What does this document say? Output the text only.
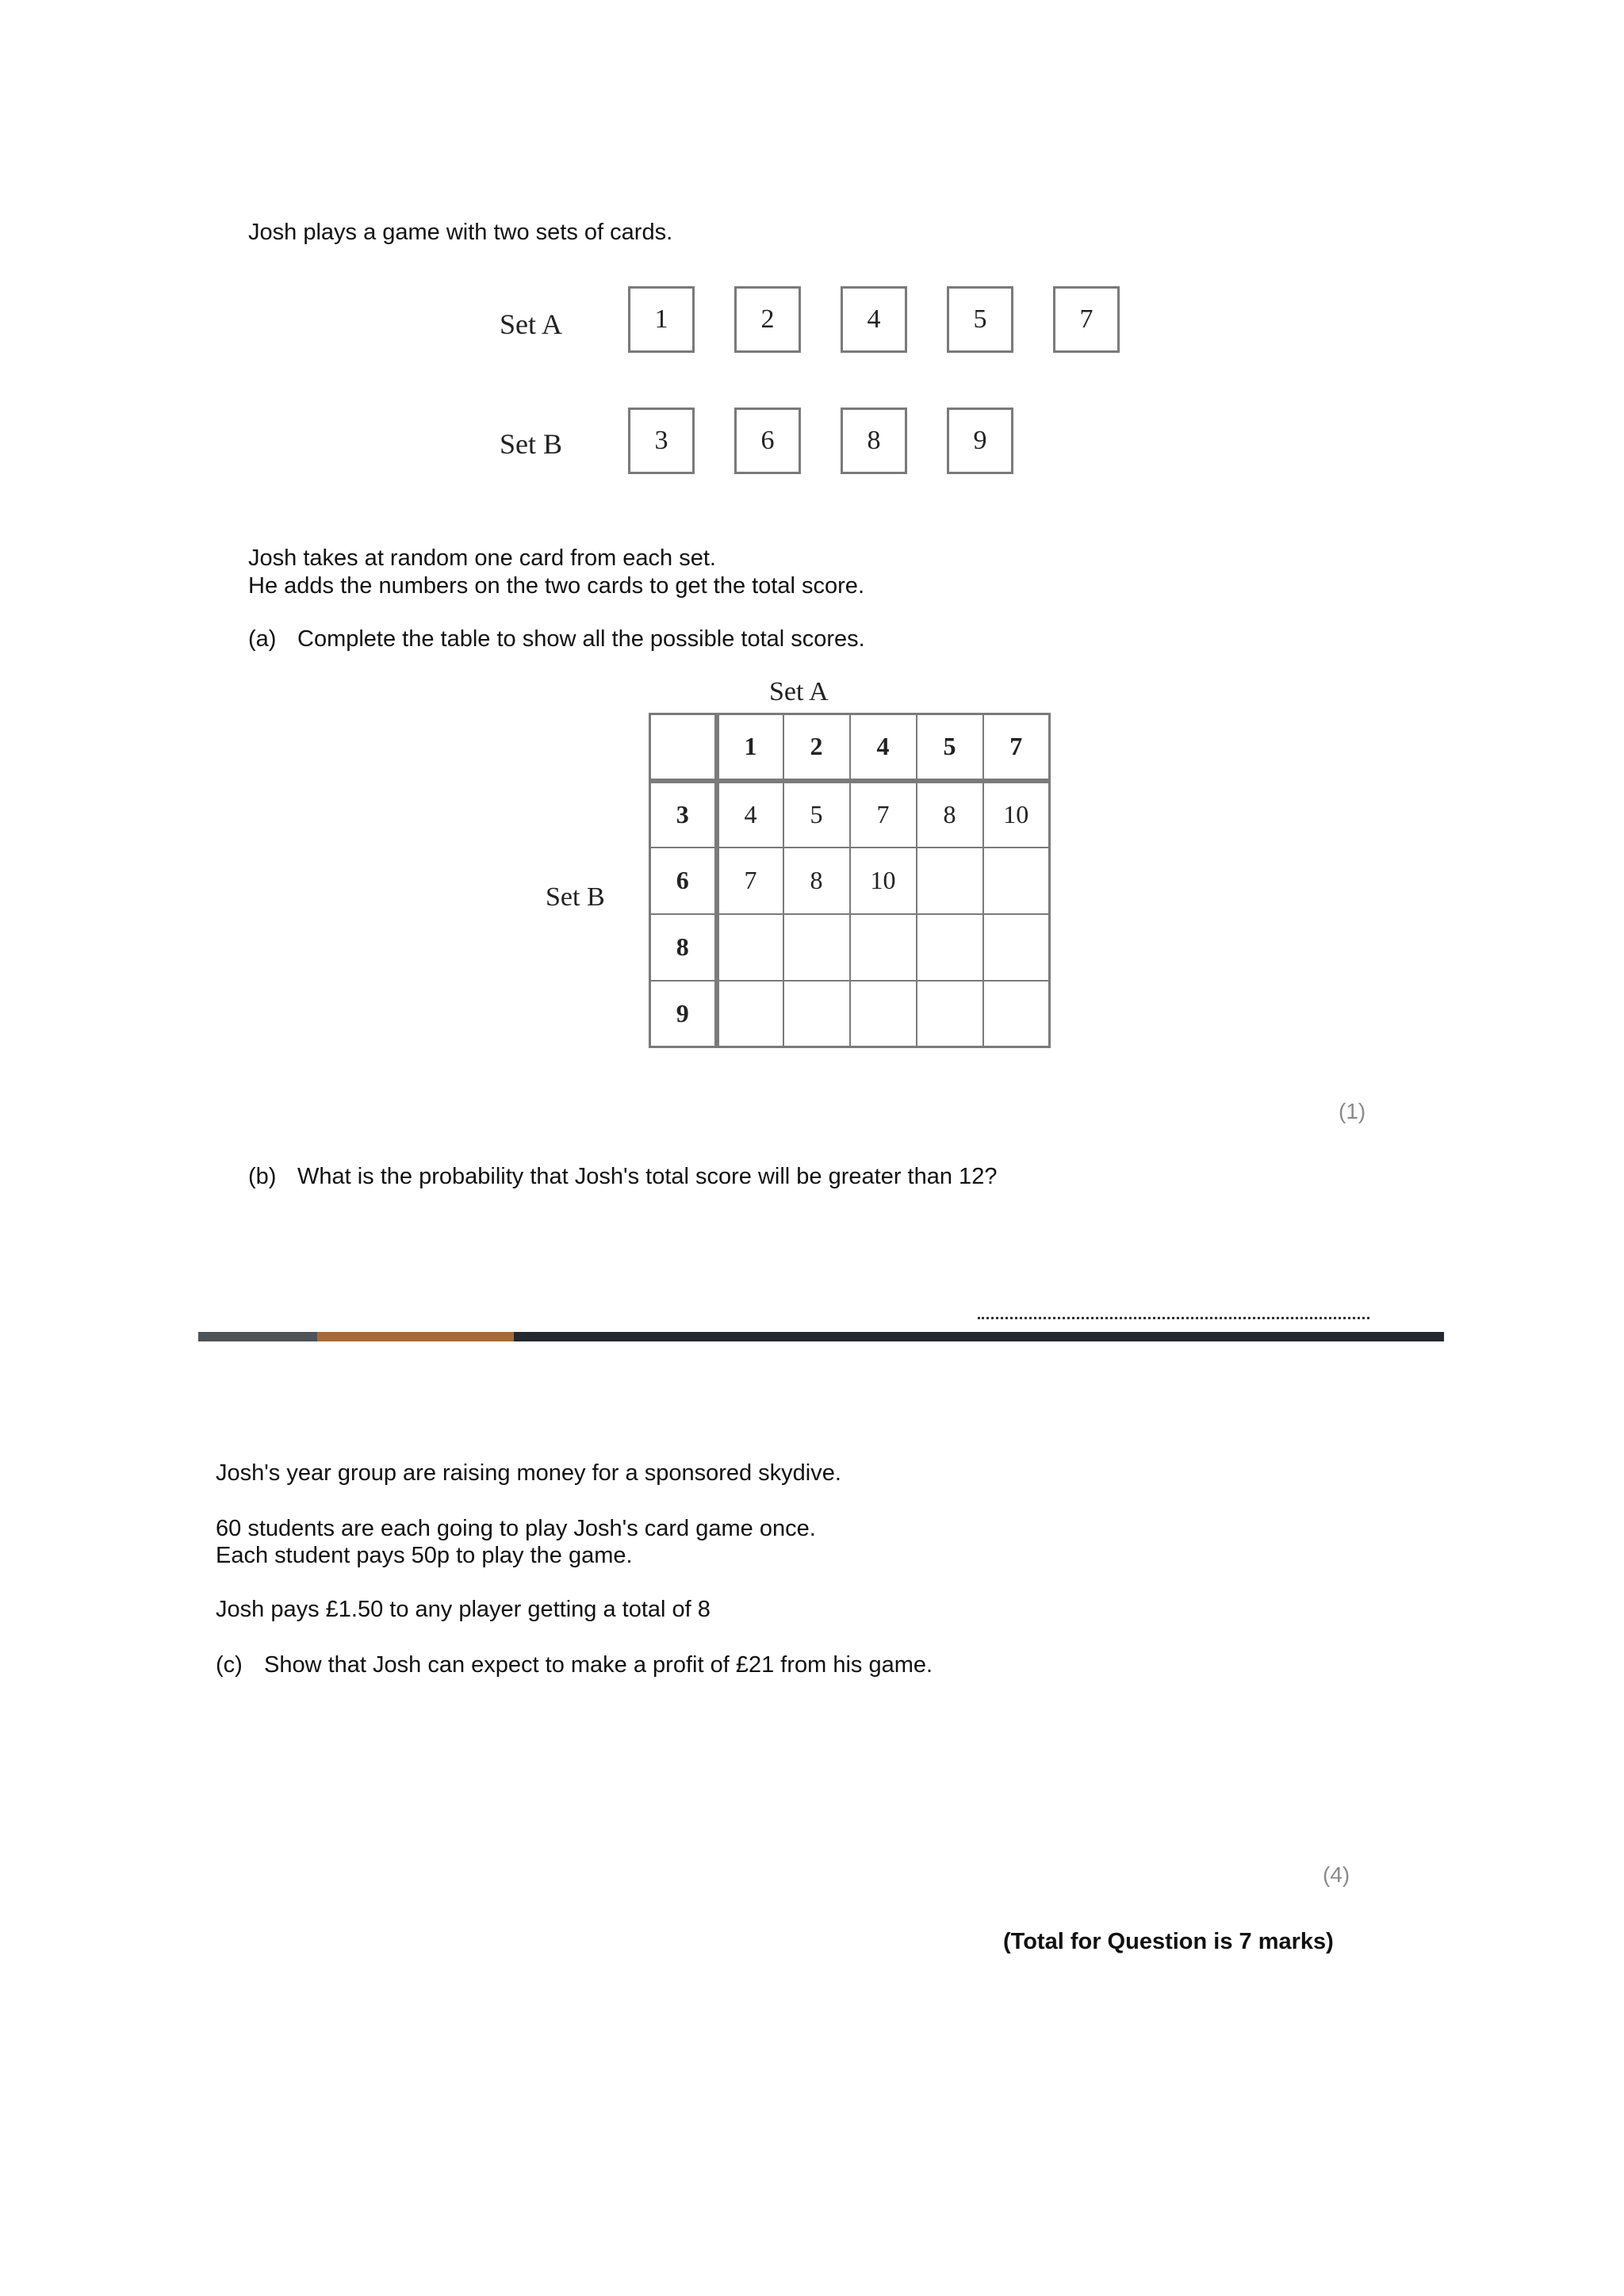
Josh plays a game with two sets of cards.
Set A	1	2	4	5	7
Set B	3	6	8	9
Josh takes at random one card from each set.
He adds the numbers on the two cards to get the total score.
(a) Complete the table to show all the possible total scores.
Set A
Set B
	1	2	4	5	7
3	4	5	7	8	10
6	7	8	10		
8					
9					
(1)
(b) What is the probability that Josh's total score will be greater than 12?
Josh's year group are raising money for a sponsored skydive.
60 students are each going to play Josh's card game once.
Each student pays 50p to play the game.
Josh pays £1.50 to any player getting a total of 8
(c) Show that Josh can expect to make a profit of £21 from his game.
(4)
(Total for Question is 7 marks)
